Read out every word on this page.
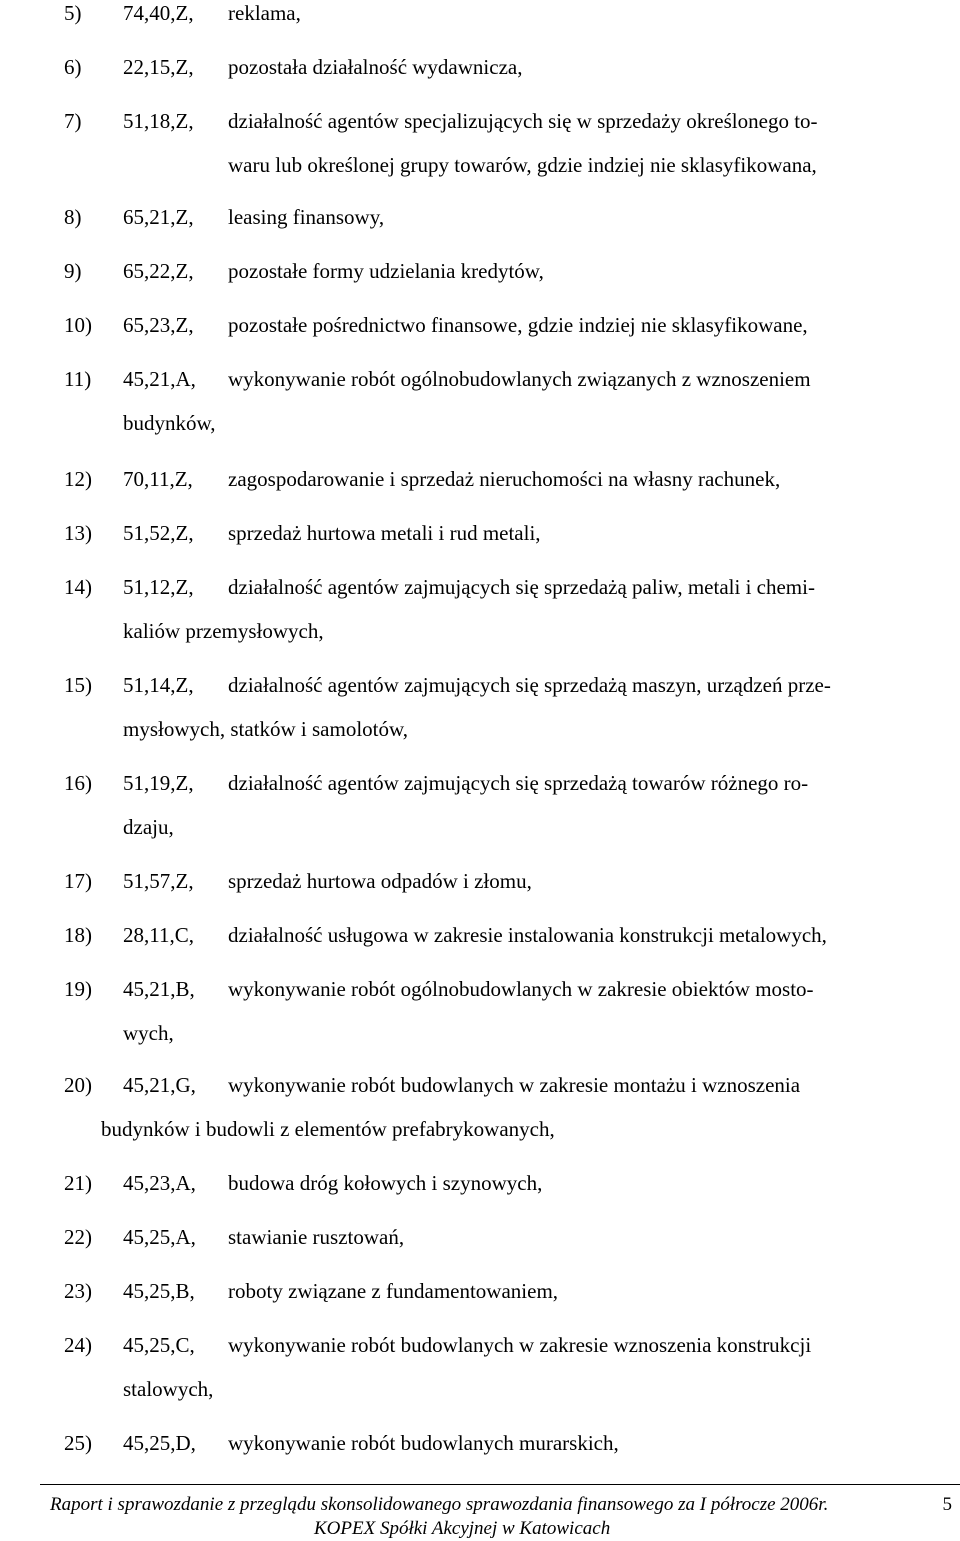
5) 74,40,Z, reklama,
6) 22,15,Z, pozostała działalność wydawnicza,
7) 51,18,Z, działalność agentów specjalizujących się w sprzedaży określonego to-
waru lub określonej grupy towarów, gdzie indziej nie sklasyfikowana,
8) 65,21,Z, leasing finansowy,
9) 65,22,Z, pozostałe formy udzielania kredytów,
10) 65,23,Z, pozostałe pośrednictwo finansowe, gdzie indziej nie sklasyfikowane,
11) 45,21,A, wykonywanie robót ogólnobudowlanych związanych z wznoszeniem
budynków,
12) 70,11,Z, zagospodarowanie i sprzedaż nieruchomości na własny rachunek,
13) 51,52,Z, sprzedaż hurtowa metali i rud metali,
14) 51,12,Z, działalność agentów zajmujących się sprzedażą paliw, metali i chemi-
kaliów przemysłowych,
15) 51,14,Z, działalność agentów zajmujących się sprzedażą maszyn, urządzeń prze-
mysłowych, statków i samolotów,
16) 51,19,Z, działalność agentów zajmujących się sprzedażą towarów różnego ro-
dzaju,
17) 51,57,Z, sprzedaż hurtowa odpadów i złomu,
18) 28,11,C, działalność usługowa w zakresie instalowania konstrukcji metalowych,
19) 45,21,B, wykonywanie robót ogólnobudowlanych w zakresie obiektów mosto-
wych,
20) 45,21,G, wykonywanie robót budowlanych w zakresie montażu i wznoszenia
budynków i budowli z elementów prefabrykowanych,
21) 45,23,A, budowa dróg kołowych i szynowych,
22) 45,25,A, stawianie rusztowań,
23) 45,25,B, roboty związane z fundamentowaniem,
24) 45,25,C, wykonywanie robót budowlanych w zakresie wznoszenia konstrukcji
stalowych,
25) 45,25,D, wykonywanie robót budowlanych murarskich,
Raport i sprawozdanie z przeglądu skonsolidowanego sprawozdania finansowego za I półrocze 2006r.
KOPEX Spółki Akcyjnej w Katowicach
5
